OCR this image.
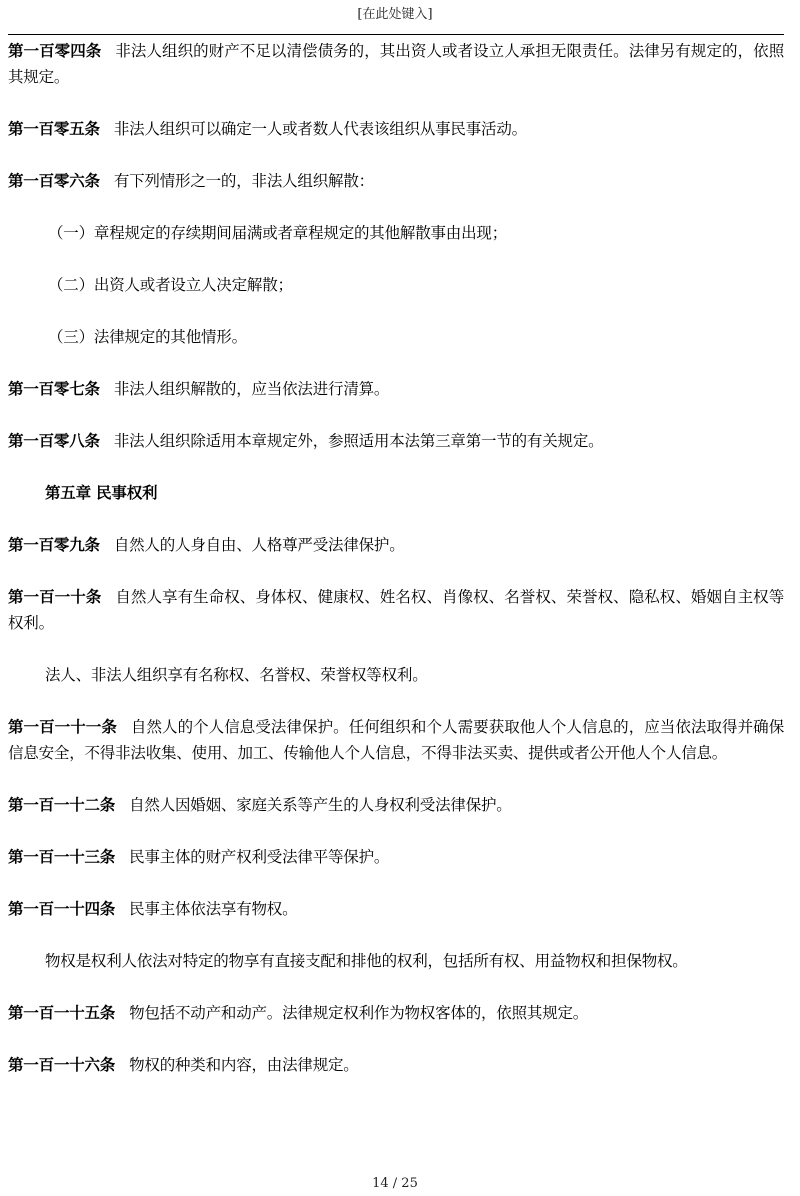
[在此处键入]

第一百零四条 非法人组织的财产不足以清偿债务的，其出资人或者设立人承担无限责任。法律另有规定的，依照其规定。

第一百零五条 非法人组织可以确定一人或者数人代表该组织从事民事活动。

第一百零六条 有下列情形之一的，非法人组织解散：

（一）章程规定的存续期间届满或者章程规定的其他解散事由出现；

（二）出资人或者设立人决定解散；

（三）法律规定的其他情形。

第一百零七条 非法人组织解散的，应当依法进行清算。

第一百零八条 非法人组织除适用本章规定外，参照适用本法第三章第一节的有关规定。

第五章 民事权利

第一百零九条 自然人的人身自由、人格尊严受法律保护。

第一百一十条 自然人享有生命权、身体权、健康权、姓名权、肖像权、名誉权、荣誉权、隐私权、婚姻自主权等权利。

法人、非法人组织享有名称权、名誉权、荣誉权等权利。

第一百一十一条 自然人的个人信息受法律保护。任何组织和个人需要获取他人个人信息的，应当依法取得并确保信息安全，不得非法收集、使用、加工、传输他人个人信息，不得非法买卖、提供或者公开他人个人信息。

第一百一十二条 自然人因婚姻、家庭关系等产生的人身权利受法律保护。

第一百一十三条 民事主体的财产权利受法律平等保护。

第一百一十四条 民事主体依法享有物权。

物权是权利人依法对特定的物享有直接支配和排他的权利，包括所有权、用益物权和担保物权。

第一百一十五条 物包括不动产和动产。法律规定权利作为物权客体的，依照其规定。

第一百一十六条 物权的种类和内容，由法律规定。

14 / 25
